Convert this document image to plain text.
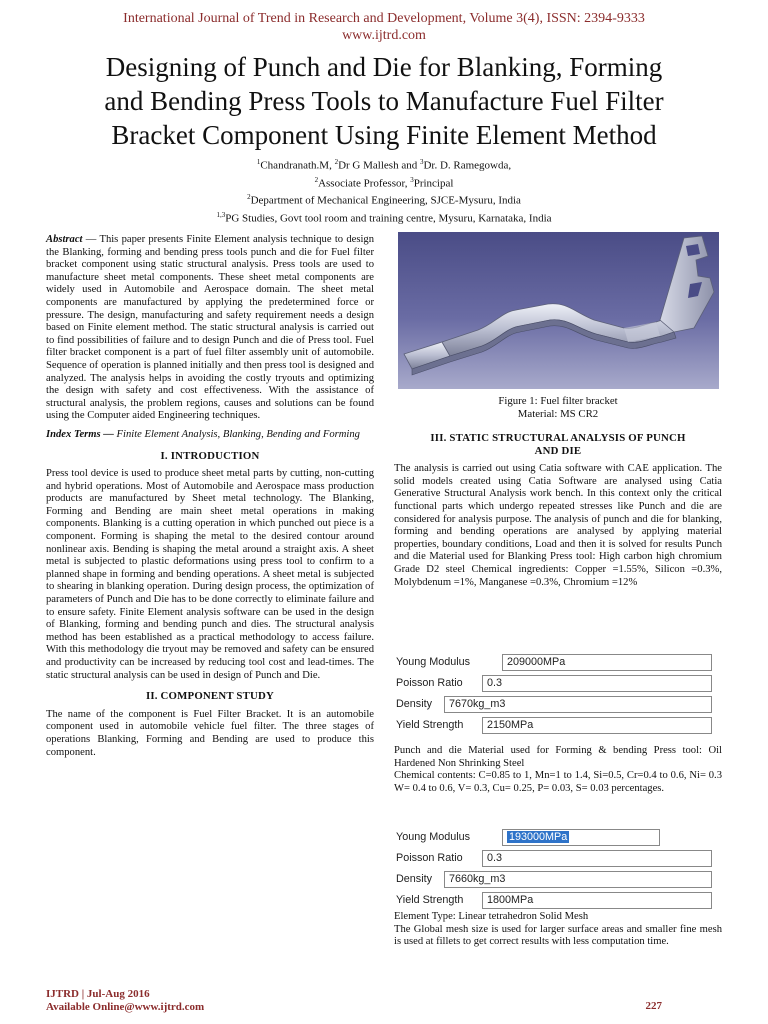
International Journal of Trend in Research and Development, Volume 3(4), ISSN: 2394-9333
www.ijtrd.com
Designing of Punch and Die for Blanking, Forming
and Bending Press Tools to Manufacture Fuel Filter
Bracket Component Using Finite Element Method
$^1$Chandranath.M, $^2$Dr G Mallesh and $^3$Dr. D. Ramegowda,
$^2$Associate Professor, $^3$Principal
$^2$Department of Mechanical Engineering, SJCE-Mysuru, India
$^{1,3}$PG Studies, Govt tool room and training centre, Mysuru, Karnataka, India

Abstract — This paper presents Finite Element analysis technique to design the Blanking, forming and bending press tools punch and die for Fuel filter bracket component using static structural analysis. Press tools are used to manufacture sheet metal components. These sheet metal components are widely used in Automobile and Aerospace domain. The sheet metal components are manufactured by applying the predetermined force or pressure. The design, manufacturing and safety requirement needs a design based on Finite element method. The static structural analysis is carried out to find possibilities of failure and to design Punch and die of Press tool. Fuel filter bracket component is a part of fuel filter assembly unit of automobile. Sequence of operation is planned initially and then press tool is designed and analyzed. The analysis helps in avoiding the costly tryouts and optimizing the design with safety and cost effectiveness. With the assistance of structural analysis, the problem regions, causes and solutions can be found using the Computer aided Engineering techniques.

Index Terms — Finite Element Analysis, Blanking, Bending and Forming

I. INTRODUCTION

Press tool device is used to produce sheet metal parts by cutting, non-cutting and hybrid operations. Most of Automobile and Aerospace mass production products are manufactured by Sheet metal technology. The Blanking, Forming and Bending are main sheet metal operations in making components. Blanking is a cutting operation in which punched out piece is a component. Forming is shaping the metal to the desired contour around nonlinear axis. Bending is shaping the metal around a straight axis. A sheet metal is subjected to plastic deformations using press tool to confirm to a planned shape in forming and bending operations. A sheet metal is subjected to shearing in blanking operation. During design process, the optimization of parameters of Punch and Die has to be done correctly to eliminate failure and to ensure safety. Finite Element analysis software can be used in the design of Blanking, forming and bending punch and dies. The structural analysis method has been established as a practical methodology to access failure. With this methodology die tryout may be removed and safety can be ensured and productivity can be increased by reducing tool cost and lead-times. The static structural analysis can be used in design of Punch and Die.

II. COMPONENT STUDY

The name of the component is Fuel Filter Bracket. It is an automobile component used in automobile vehicle fuel filter. The three stages of operations Blanking, Forming and Bending are used to produce this component.

Figure 1: Fuel filter bracket
Material: MS CR2
III. STATIC STRUCTURAL ANALYSIS OF PUNCH
AND DIE

The analysis is carried out using Catia software with CAE application. The solid models created using Catia Software are analysed using Catia Generative Structural Analysis work bench. In this context only the critical functional parts which undergo repeated stresses like Punch and die are considered for analysis purpose. The analysis of punch and die for blanking, forming and bending operations are analysed by applying material properties, boundary conditions, Load and then it is solved for results Punch and die Material used for Blanking Press tool: High carbon high chromium Grade D2 steel Chemical ingredients: Copper =1.55%, Silicon =0.3%, Molybdenum =1%, Manganese =0.3%, Chromium =12%

Young Modulus	209000MPa
Poisson Ratio	0.3
Density	7670kg_m3
Yield Strength	2150MPa

Punch and die Material used for Forming & bending Press tool: Oil Hardened Non Shrinking Steel

Chemical contents: C=0.85 to 1, Mn=1 to 1.4, Si=0.5, Cr=0.4 to 0.6, Ni= 0.3 W= 0.4 to 0.6, V= 0.3, Cu= 0.25, P= 0.03, S= 0.03 percentages.

Young Modulus	193000MPa OHNS
Poisson Ratio	0.3
Density	7660kg_m3
Yield Strength	1800MPa

Element Type: Linear tetrahedron Solid Mesh

The Global mesh size is used for larger surface areas and smaller fine mesh is used at fillets to get correct results with less computation time.

IJTRD | Jul-Aug 2016
Available Online@www.ijtrd.com	227
